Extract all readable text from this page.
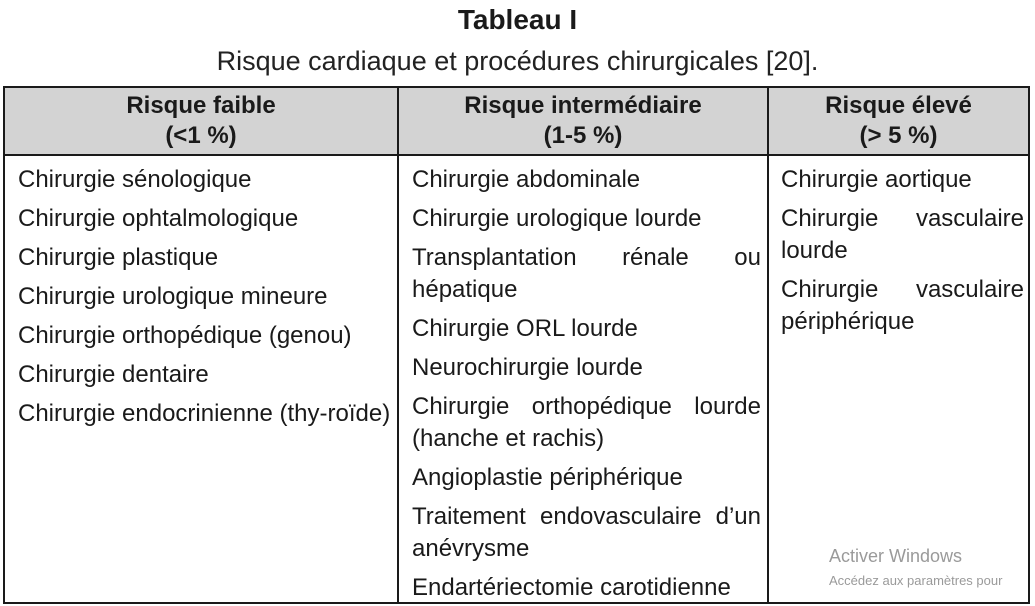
Tableau I
Risque cardiaque et procédures chirurgicales [20].
Risque faible
(<1 %)
Risque intermédiaire
(1-5 %)
Risque élevé
(> 5 %)
Chirurgie sénologique
Chirurgie ophtalmologique
Chirurgie plastique
Chirurgie urologique mineure
Chirurgie orthopédique (genou)
Chirurgie dentaire
Chirurgie endocrinienne (thy-roïde)
Chirurgie abdominale
Chirurgie urologique lourde
Transplantation rénale ou hépatique
Chirurgie ORL lourde
Neurochirurgie lourde
Chirurgie orthopédique lourde (hanche et rachis)
Angioplastie périphérique
Traitement endovasculaire d’un anévrysme
Endartériectomie carotidienne
Chirurgie aortique
Chirurgie vasculaire lourde
Chirurgie vasculaire périphérique
Activer Windows
Accédez aux paramètres pour
